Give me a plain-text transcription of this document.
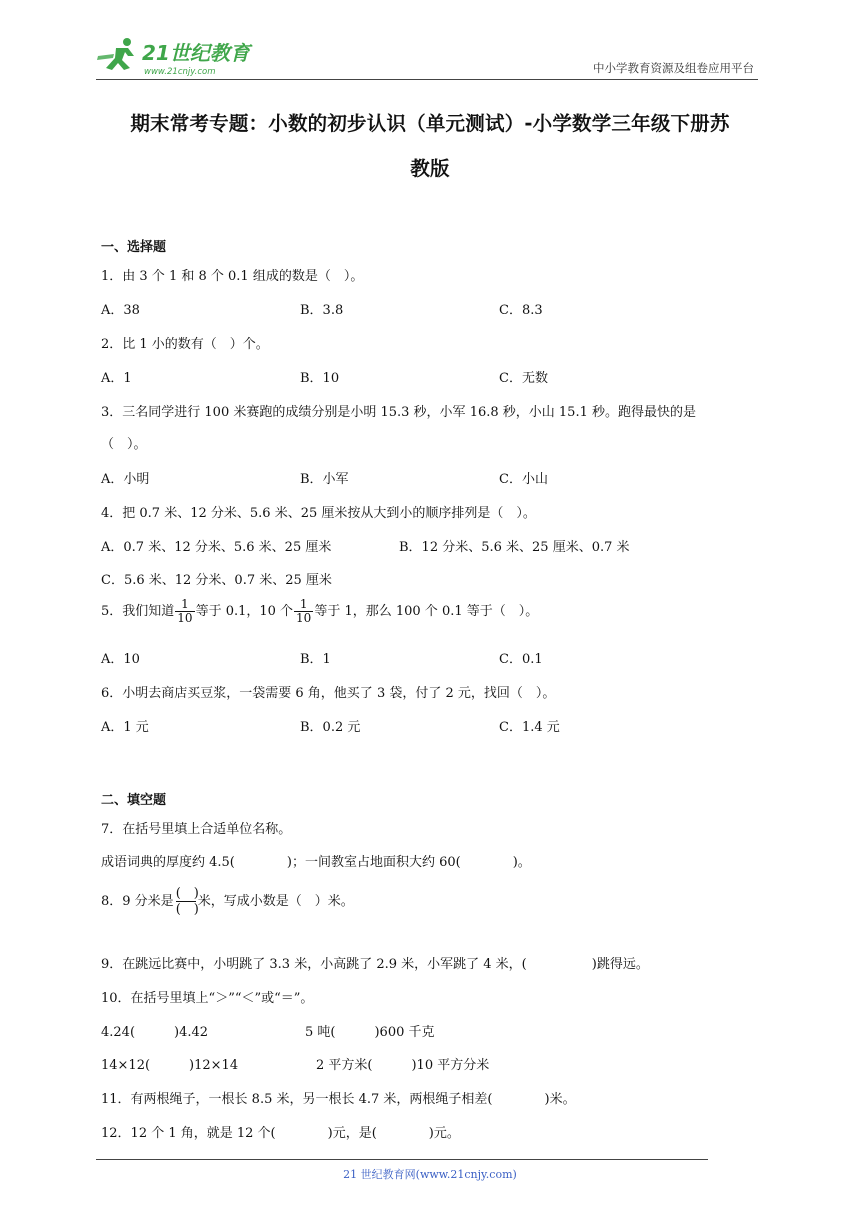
21世纪教育
www.21cnjy.com	中小学教育资源及组卷应用平台
期末常考专题：小数的初步认识（单元测试）-小学数学三年级下册苏
教版
一、选择题
1．由 3 个 1 和 8 个 0.1 组成的数是（　）。
A．38	B．3.8	C．8.3
2．比 1 小的数有（　）个。
A．1	B．10	C．无数
3．三名同学进行 100 米赛跑的成绩分别是小明 15.3 秒，小军 16.8 秒，小山 15.1 秒。跑得最快的是
（　）。
A．小明	B．小军	C．小山
4．把 0.7 米、12 分米、5.6 米、25 厘米按从大到小的顺序排列是（　）。
A．0.7 米、12 分米、5.6 米、25 厘米	B．12 分米、5.6 米、25 厘米、0.7 米
C．5.6 米、12 分米、0.7 米、25 厘米
5．我们知道 $\frac{1}{10}$ 等于 0.1，10 个 $\frac{1}{10}$ 等于 1，那么 100 个 0.1 等于（　）。
A．10	B．1	C．0.1
6．小明去商店买豆浆，一袋需要 6 角，他买了 3 袋，付了 2 元，找回（　）。
A．1 元	B．0.2 元	C．1.4 元
二、填空题
7．在括号里填上合适单位名称。
成语词典的厚度约 4.5(　　　　)；一间教室占地面积大约 60(　　　　)。
8．9 分米是
(　)
(　)
米，写成小数是（　）米。
9．在跳远比赛中，小明跳了 3.3 米，小高跳了 2.9 米，小军跳了 4 米，(　　　　　)跳得远。
10．在括号里填上“＞”“＜”或“＝”。
4.24(　　　)4.42	5 吨(　　　)600 千克
14×12(　　　)12×14	2 平方米(　　　)10 平方分米
11．有两根绳子，一根长 8.5 米，另一根长 4.7 米，两根绳子相差(　　　　)米。
12．12 个 1 角，就是 12 个(　　　　)元，是(　　　　)元。
21 世纪教育网(www.21cnjy.com)
